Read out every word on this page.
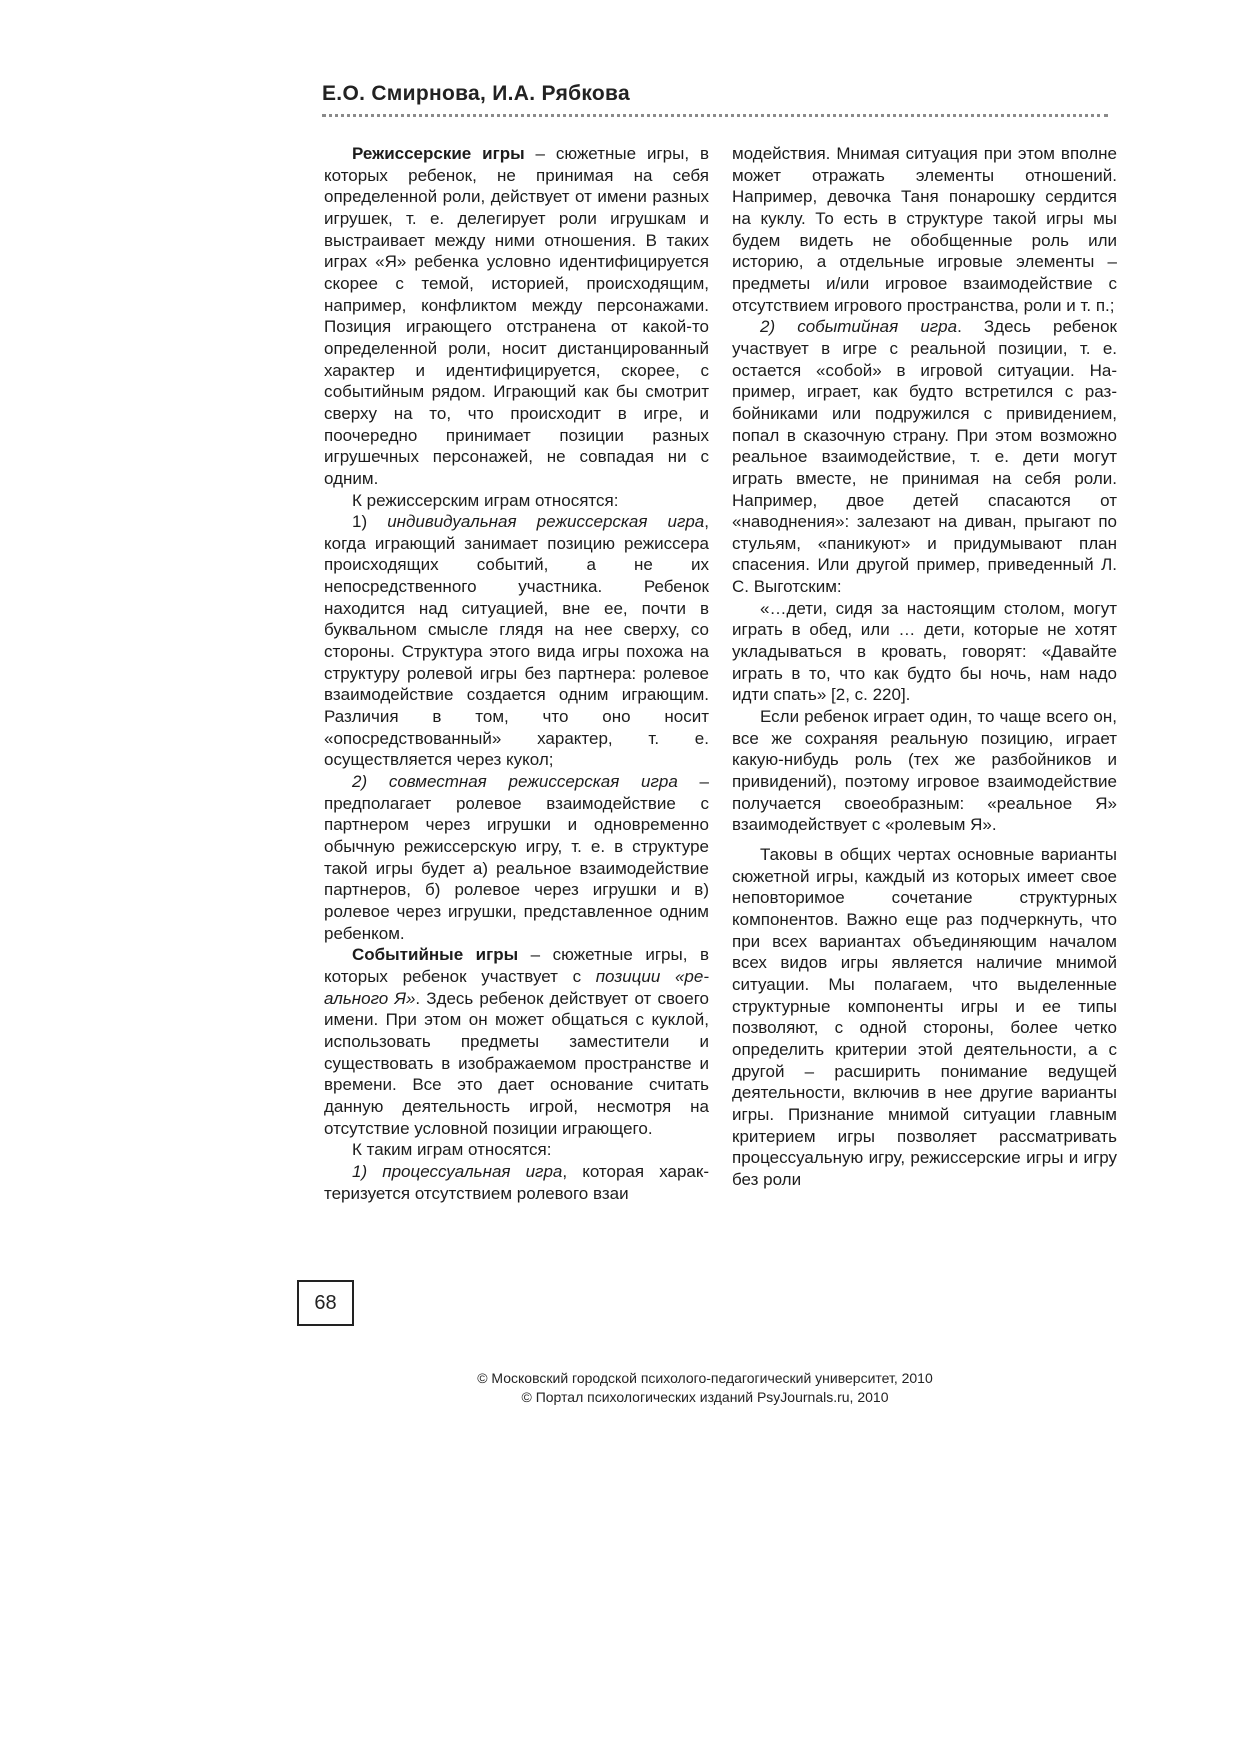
Е.О. Смирнова, И.А. Рябкова

Режиссерские игры – сюжетные игры, в которых ребенок, не принимая на себя определенной роли, действует от имени разных игрушек, т. е. делегирует роли игрушкам и выстраивает между ними отношения. В таких играх «Я» ребенка условно идентифицируется скорее с темой, историей, происходящим, например, конфликтом между персонажами. Позиция играющего отстранена от какой-то определенной роли, носит дистанцированный характер и идентифицируется, скорее, с событийным рядом. Играющий как бы смотрит сверху на то, что происходит в игре, и поочередно принимает позиции разных игрушечных персонажей, не совпадая ни с одним.

К режиссерским играм относятся:

1) индивидуальная режиссерская игра, когда играющий занимает позицию режиссера происходящих событий, а не их непосредственного участника. Ребенок находится над ситуацией, вне ее, почти в буквальном смысле глядя на нее сверху, со стороны. Структура этого вида игры похожа на структуру ролевой игры без партнера: ролевое взаимодействие создается одним играющим. Различия в том, что оно носит «опосредствованный» характер, т. е. осуществляется через кукол;

2) совместная режиссерская игра – предполагает ролевое взаимодействие с партнером через игрушки и одновременно обычную режиссерскую игру, т. е. в структуре такой игры будет а) реальное взаимодействие партнеров, б) ролевое через игрушки и в) ролевое через игрушки, представленное одним ребенком.

Событийные игры – сюжетные игры, в которых ребенок участвует с позиции «реального Я». Здесь ребенок действует от своего имени. При этом он может общаться с куклой, использовать предметы заместители и существовать в изображаемом пространстве и времени. Все это дает основание считать данную деятельность игрой, несмотря на отсутствие условной позиции играющего.

К таким играм относятся:

1) процессуальная игра, которая характеризуется отсутствием ролевого взаи

модействия. Мнимая ситуация при этом вполне может отражать элементы отношений. Например, девочка Таня понарошку сердится на куклу. То есть в структуре такой игры мы будем видеть не обобщенные роль или историю, а отдельные игровые элементы – предметы и/или игровое взаимодействие с отсутствием игрового пространства, роли и т. п.;

2) событийная игра. Здесь ребенок участвует в игре с реальной позиции, т. е. остается «собой» в игровой ситуации. Например, играет, как будто встретился с разбойниками или подружился с привидением, попал в сказочную страну. При этом возможно реальное взаимодействие, т. е. дети могут играть вместе, не принимая на себя роли. Например, двое детей спасаются от «наводнения»: залезают на диван, прыгают по стульям, «паникуют» и придумывают план спасения. Или другой пример, приведенный Л. С. Выготским:

«…дети, сидя за настоящим столом, могут играть в обед, или … дети, которые не хотят укладываться в кровать, говорят: «Давайте играть в то, что как будто бы ночь, нам надо идти спать» [2, с. 220].

Если ребенок играет один, то чаще всего он, все же сохраняя реальную позицию, играет какую-нибудь роль (тех же разбойников и привидений), поэтому игровое взаимодействие получается своеобразным: «реальное Я» взаимодействует с «ролевым Я».

Таковы в общих чертах основные варианты сюжетной игры, каждый из которых имеет свое неповторимое сочетание структурных компонентов. Важно еще раз подчеркнуть, что при всех вариантах объединяющим началом всех видов игры является наличие мнимой ситуации. Мы полагаем, что выделенные структурные компоненты игры и ее типы позволяют, с одной стороны, более четко определить критерии этой деятельности, а с другой – расширить понимание ведущей деятельности, включив в нее другие варианты игры. Признание мнимой ситуации главным критерием игры позволяет рассматривать процессуальную игру, режиссерские игры и игру без роли

68
© Московский городской психолого-педагогический университет, 2010
© Портал психологических изданий PsyJournals.ru, 2010
